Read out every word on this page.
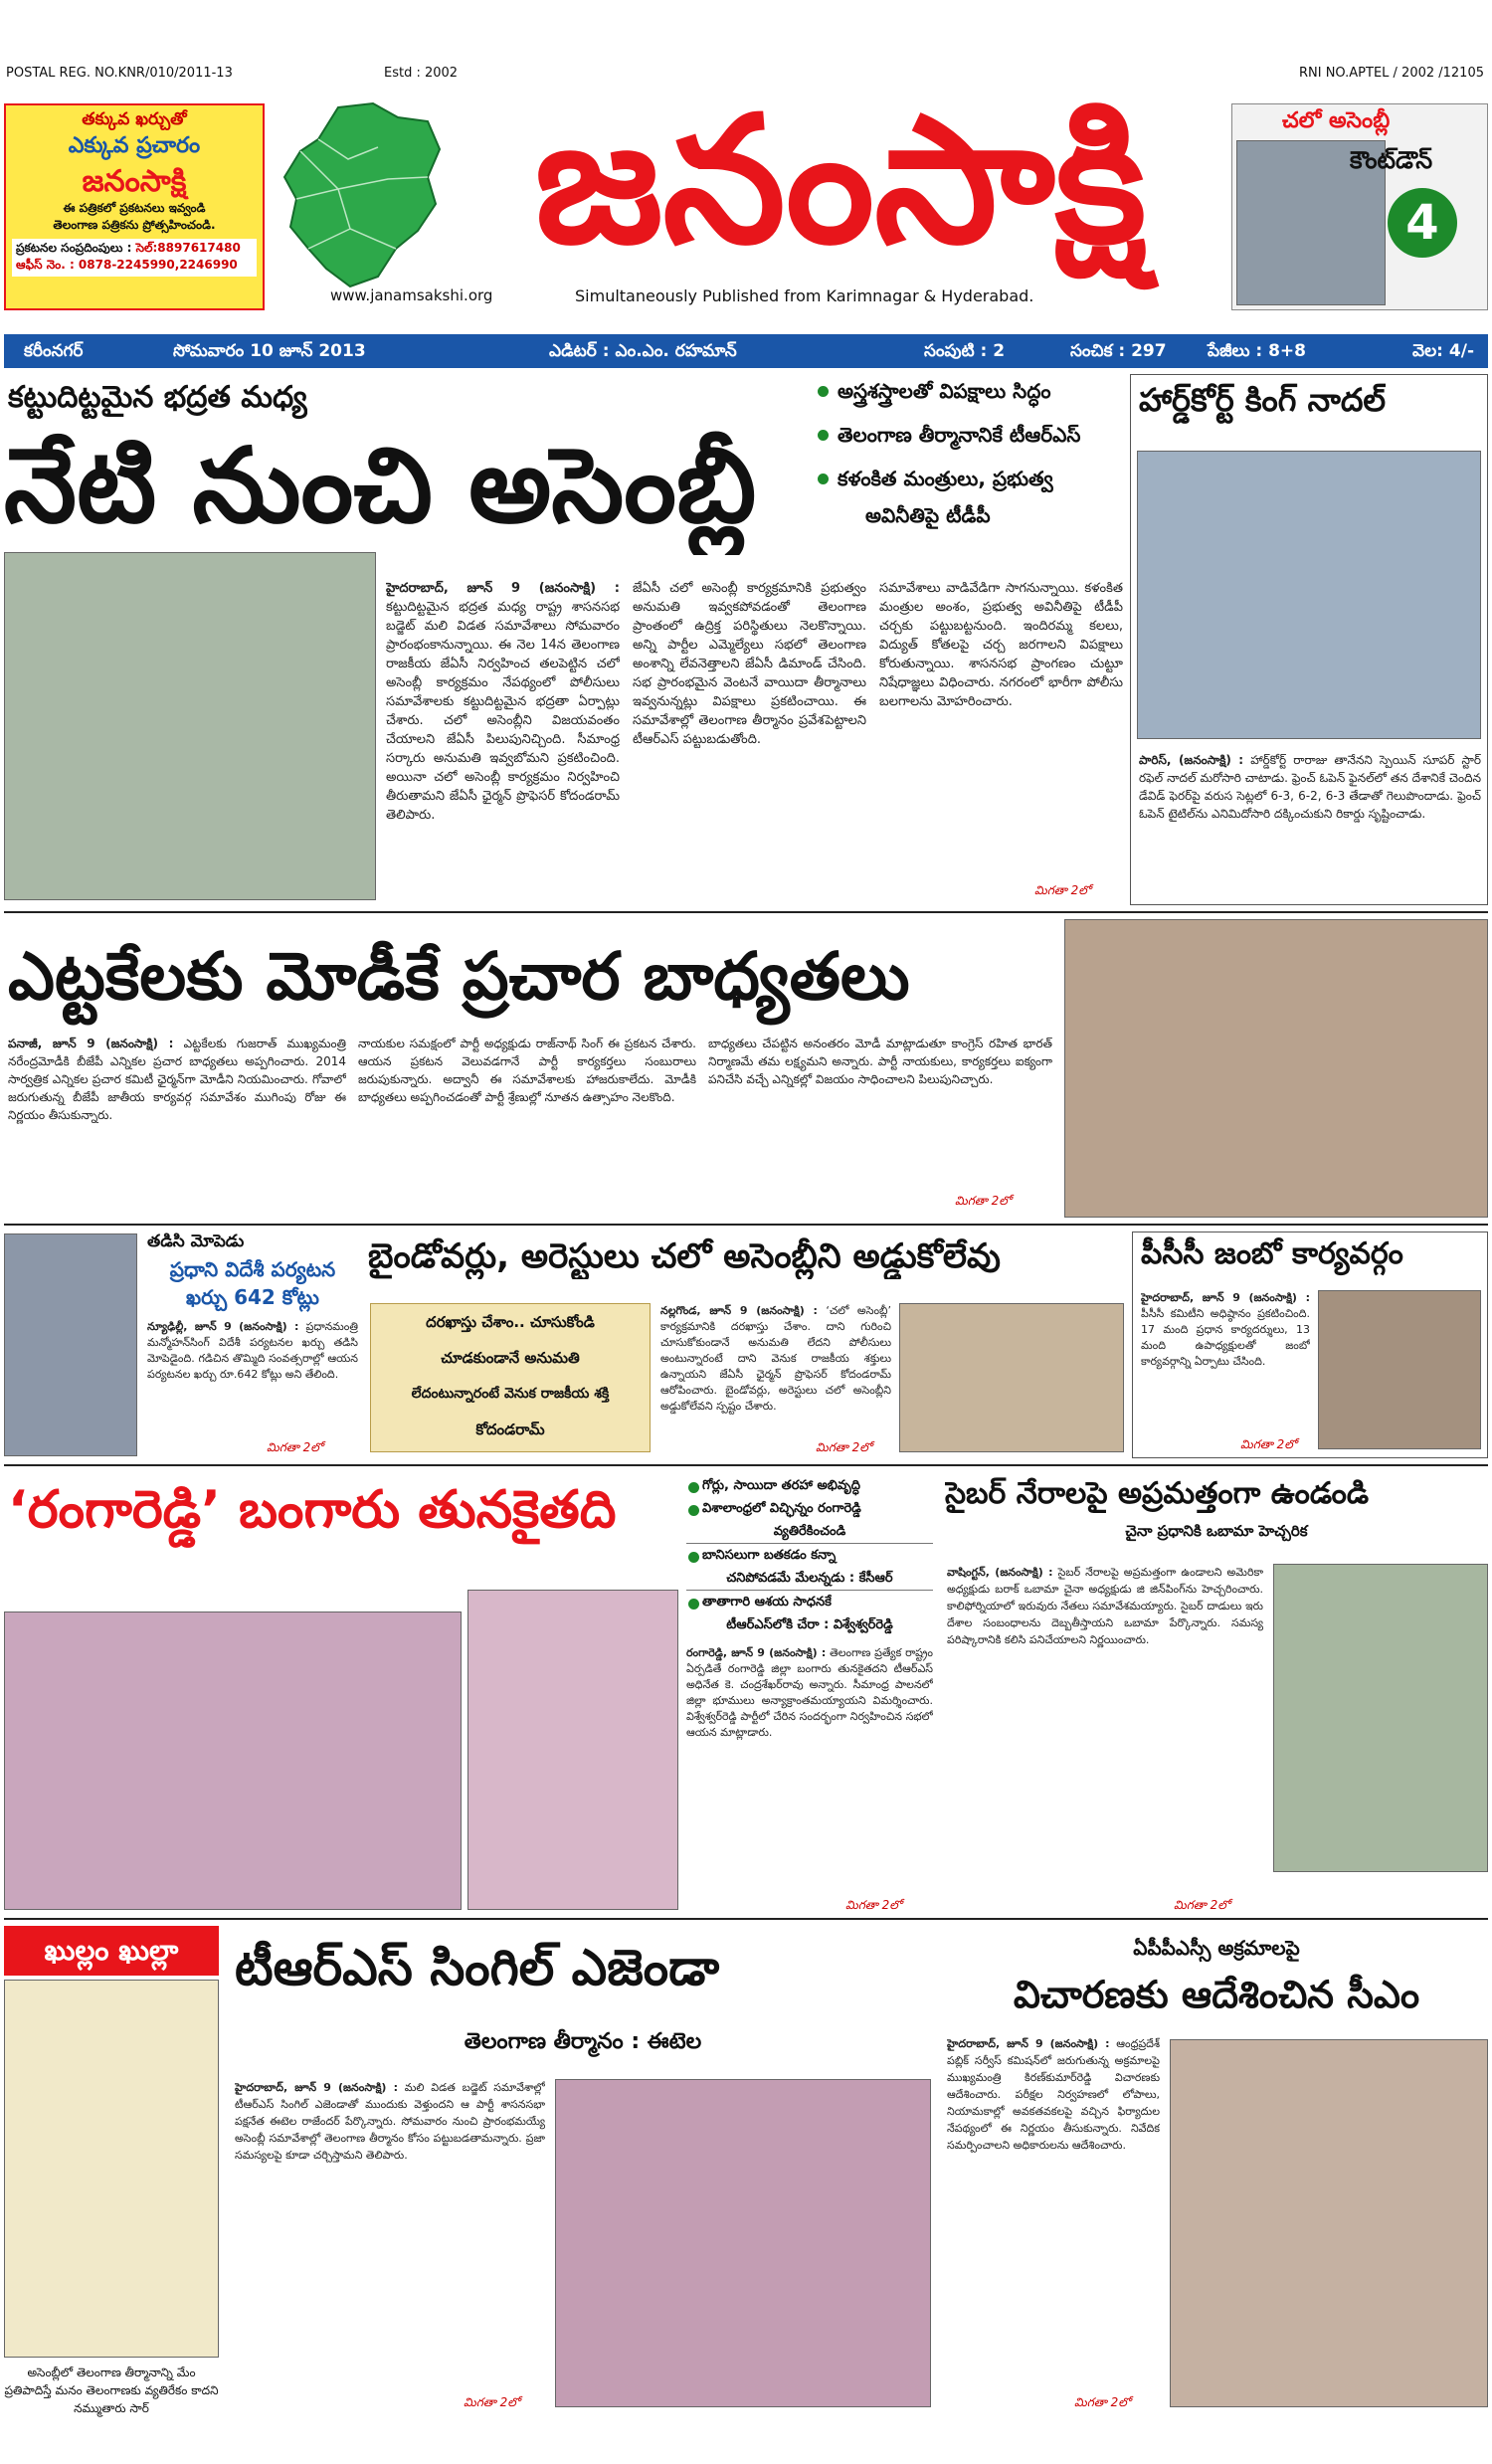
POSTAL REG. NO.KNR/010/2011-13	Estd : 2002	RNI NO.APTEL / 2002 /12105
తక్కువ ఖర్చుతో
ఎక్కువ ప్రచారం
జనంసాక్షి
ఈ పత్రికలో ప్రకటనలు ఇవ్వండి
తెలంగాణ పత్రికను ప్రోత్సహించండి.
ప్రకటనల సంప్రదింపులు : సెల్:8897617480
ఆఫీస్ నెం. : 0878-2245990,2246990	జనంసాక్షి
www.janamsakshi.org	Simultaneously Published from Karimnagar & Hyderabad.
చలో అసెంబ్లీ
కౌంట్‌డౌన్
4
కరీంనగర్	సోమవారం 10 జూన్ 2013	ఎడిటర్ : ఎం.ఎం. రహమాన్	సంపుటి : 2	సంచిక : 297 పేజీలు : 8+8	వెల: 4/-
కట్టుదిట్టమైన భద్రత మధ్య
నేటి నుంచి అసెంబ్లీ
అస్త్రశస్త్రాలతో విపక్షాలు సిద్ధం
తెలంగాణ తీర్మానానికే టీఆర్ఎస్
కళంకిత మంత్రులు, ప్రభుత్వ
అవినీతిపై టీడీపీ
హైదరాబాద్, జూన్ 9 (జనంసాక్షి) : కట్టుదిట్టమైన భద్రత మధ్య రాష్ట్ర శాసనసభ బడ్జెట్ మలి విడత సమావేశాలు సోమవారం ప్రారంభంకానున్నాయి. ఈ నెల 14న తెలంగాణ రాజకీయ జేఏసీ నిర్వహించ తలపెట్టిన చలో అసెంబ్లీ కార్యక్రమం నేపథ్యంలో పోలీసులు సమావేశాలకు కట్టుదిట్టమైన భద్రతా ఏర్పాట్లు చేశారు. చలో అసెంబ్లీని విజయవంతం చేయాలని జేఏసీ పిలుపునిచ్చింది. సీమాంధ్ర సర్కారు అనుమతి ఇవ్వబోమని ప్రకటించింది. అయినా చలో అసెంబ్లీ కార్యక్రమం నిర్వహించి తీరుతామని జేఏసీ ఛైర్మన్ ప్రొఫెసర్ కోదండరామ్ తెలిపారు.
జేఏసీ చలో అసెంబ్లీ కార్యక్రమానికి ప్రభుత్వం అనుమతి ఇవ్వకపోవడంతో తెలంగాణ ప్రాంతంలో ఉద్రిక్త పరిస్థితులు నెలకొన్నాయి. అన్ని పార్టీల ఎమ్మెల్యేలు సభలో తెలంగాణ అంశాన్ని లేవనెత్తాలని జేఏసీ డిమాండ్ చేసింది. సభ ప్రారంభమైన వెంటనే వాయిదా తీర్మానాలు ఇవ్వనున్నట్లు విపక్షాలు ప్రకటించాయి. ఈ సమావేశాల్లో తెలంగాణ తీర్మానం ప్రవేశపెట్టాలని టీఆర్ఎస్ పట్టుబడుతోంది.
సమావేశాలు వాడివేడిగా సాగనున్నాయి. కళంకిత మంత్రుల అంశం, ప్రభుత్వ అవినీతిపై టీడీపీ చర్చకు పట్టుబట్టనుంది. ఇందిరమ్మ కలలు, విద్యుత్ కోతలపై చర్చ జరగాలని విపక్షాలు కోరుతున్నాయి. శాసనసభ ప్రాంగణం చుట్టూ నిషేధాజ్ఞలు విధించారు. నగరంలో భారీగా పోలీసు బలగాలను మోహరించారు.
మిగతా 2లో
హార్డ్‌కోర్ట్ కింగ్ నాదల్
పారిస్, (జనంసాక్షి) : హార్డ్‌కోర్ట్ రారాజు తానేనని స్పెయిన్ సూపర్ స్టార్ రఫెల్ నాదల్ మరోసారి చాటాడు. ఫ్రెంచ్ ఓపెన్ ఫైనల్‌లో తన దేశానికే చెందిన డేవిడ్ ఫెరర్‌పై వరుస సెట్లలో 6-3, 6-2, 6-3 తేడాతో గెలుపొందాడు. ఫ్రెంచ్ ఓపెన్ టైటిల్‌ను ఎనిమిదోసారి దక్కించుకుని రికార్డు సృష్టించాడు.
ఎట్టకేలకు మోడీకే ప్రచార బాధ్యతలు
పనాజీ, జూన్ 9 (జనంసాక్షి) : ఎట్టకేలకు గుజరాత్ ముఖ్యమంత్రి నరేంద్రమోడీకి బీజేపీ ఎన్నికల ప్రచార బాధ్యతలు అప్పగించారు. 2014 సార్వత్రిక ఎన్నికల ప్రచార కమిటీ ఛైర్మన్‌గా మోడీని నియమించారు. గోవాలో జరుగుతున్న బీజేపీ జాతీయ కార్యవర్గ సమావేశం ముగింపు రోజు ఈ నిర్ణయం తీసుకున్నారు.
నాయకుల సమక్షంలో పార్టీ అధ్యక్షుడు రాజ్‌నాథ్ సింగ్ ఈ ప్రకటన చేశారు. ఆయన ప్రకటన వెలువడగానే పార్టీ కార్యకర్తలు సంబురాలు జరుపుకున్నారు. అద్వానీ ఈ సమావేశాలకు హాజరుకాలేదు. మోడీకి బాధ్యతలు అప్పగించడంతో పార్టీ శ్రేణుల్లో నూతన ఉత్సాహం నెలకొంది.
బాధ్యతలు చేపట్టిన అనంతరం మోడీ మాట్లాడుతూ కాంగ్రెస్ రహిత భారత్ నిర్మాణమే తమ లక్ష్యమని అన్నారు. పార్టీ నాయకులు, కార్యకర్తలు ఐక్యంగా పనిచేసి వచ్చే ఎన్నికల్లో విజయం సాధించాలని పిలుపునిచ్చారు.
మిగతా 2లో
తడిసి మోపెడు
ప్రధాని విదేశీ పర్యటన ఖర్చు 642 కోట్లు
న్యూఢిల్లీ, జూన్ 9 (జనంసాక్షి) : ప్రధానమంత్రి మన్మోహన్‌సింగ్ విదేశీ పర్యటనల ఖర్చు తడిసి మోపెడైంది. గడిచిన తొమ్మిది సంవత్సరాల్లో ఆయన పర్యటనల ఖర్చు రూ.642 కోట్లు అని తేలింది.
మిగతా 2లో
బైండోవర్లు, అరెస్టులు చలో అసెంబ్లీని అడ్డుకోలేవు
దరఖాస్తు చేశాం.. చూసుకోండి
చూడకుండానే అనుమతి
లేదంటున్నారంటే వెనుక రాజకీయ శక్తి
కోదండరామ్
నల్లగొండ, జూన్ 9 (జనంసాక్షి) : ‘చలో అసెంబ్లీ’ కార్యక్రమానికి దరఖాస్తు చేశాం. దాని గురించి చూసుకోకుండానే అనుమతి లేదని పోలీసులు అంటున్నారంటే దాని వెనుక రాజకీయ శక్తులు ఉన్నాయని జేఏసీ ఛైర్మన్ ప్రొఫెసర్ కోదండరామ్ ఆరోపించారు. బైండోవర్లు, అరెస్టులు చలో అసెంబ్లీని అడ్డుకోలేవని స్పష్టం చేశారు.
మిగతా 2లో
పీసీసీ జంబో కార్యవర్గం
హైదరాబాద్, జూన్ 9 (జనంసాక్షి) : పీసీసీ కమిటీని అధిష్ఠానం ప్రకటించింది. 17 మంది ప్రధాన కార్యదర్శులు, 13 మంది ఉపాధ్యక్షులతో జంబో కార్యవర్గాన్ని ఏర్పాటు చేసింది.
మిగతా 2లో
‘రంగారెడ్డి’ బంగారు తునకైతది	గోర్లు, సాయిదా తరహా అభివృద్ధి
విశాలాంధ్రలో విచ్ఛిన్నం రంగారెడ్డి
వ్యతిరేకించండి
బానిసలుగా బతకడం కన్నా
చనిపోవడమే మేలన్నడు : కేసీఆర్
తాతాగారి ఆశయ సాధనకే
టీఆర్ఎస్‌లోకి చేరా : విశ్వేశ్వర్‌రెడ్డి
రంగారెడ్డి, జూన్ 9 (జనంసాక్షి) : తెలంగాణ ప్రత్యేక రాష్ట్రం ఏర్పడితే రంగారెడ్డి జిల్లా బంగారు తునకైతదని టీఆర్ఎస్ అధినేత కె. చంద్రశేఖర్‌రావు అన్నారు. సీమాంధ్ర పాలనలో జిల్లా భూములు అన్యాక్రాంతమయ్యాయని విమర్శించారు. విశ్వేశ్వర్‌రెడ్డి పార్టీలో చేరిన సందర్భంగా నిర్వహించిన సభలో ఆయన మాట్లాడారు.
మిగతా 2లో
సైబర్ నేరాలపై అప్రమత్తంగా ఉండండి
చైనా ప్రధానికి ఒబామా హెచ్చరిక
వాషింగ్టన్, (జనంసాక్షి) : సైబర్ నేరాలపై అప్రమత్తంగా ఉండాలని అమెరికా అధ్యక్షుడు బరాక్ ఒబామా చైనా అధ్యక్షుడు జి జిన్‌పింగ్‌ను హెచ్చరించారు. కాలిఫోర్నియాలో ఇరువురు నేతలు సమావేశమయ్యారు. సైబర్ దాడులు ఇరు దేశాల సంబంధాలను దెబ్బతీస్తాయని ఒబామా పేర్కొన్నారు. సమస్య పరిష్కారానికి కలిసి పనిచేయాలని నిర్ణయించారు.
మిగతా 2లో
ఖుల్లం ఖుల్లా
అసెంబ్లీలో తెలంగాణ తీర్మానాన్ని మేం ప్రతిపాదిస్తే మనం తెలంగాణకు వ్యతిరేకం కాదని నమ్ముతారు సార్
టీఆర్ఎస్ సింగిల్ ఎజెండా
తెలంగాణ తీర్మానం : ఈటెల
హైదరాబాద్, జూన్ 9 (జనంసాక్షి) : మలి విడత బడ్జెట్ సమావేశాల్లో టీఆర్ఎస్ సింగిల్ ఎజెండాతో ముందుకు వెళ్తుందని ఆ పార్టీ శాసనసభా పక్షనేత ఈటెల రాజేందర్ పేర్కొన్నారు. సోమవారం నుంచి ప్రారంభమయ్యే అసెంబ్లీ సమావేశాల్లో తెలంగాణ తీర్మానం కోసం పట్టుబడతామన్నారు. ప్రజా సమస్యలపై కూడా చర్చిస్తామని తెలిపారు.
మిగతా 2లో
ఏపీపీఎస్సీ అక్రమాలపై
విచారణకు ఆదేశించిన సీఎం
హైదరాబాద్, జూన్ 9 (జనంసాక్షి) : ఆంధ్రప్రదేశ్ పబ్లిక్ సర్వీస్ కమిషన్‌లో జరుగుతున్న అక్రమాలపై ముఖ్యమంత్రి కిరణ్‌కుమార్‌రెడ్డి విచారణకు ఆదేశించారు. పరీక్షల నిర్వహణలో లోపాలు, నియామకాల్లో అవకతవకలపై వచ్చిన ఫిర్యాదుల నేపథ్యంలో ఈ నిర్ణయం తీసుకున్నారు. నివేదిక సమర్పించాలని అధికారులను ఆదేశించారు.
మిగతా 2లో
